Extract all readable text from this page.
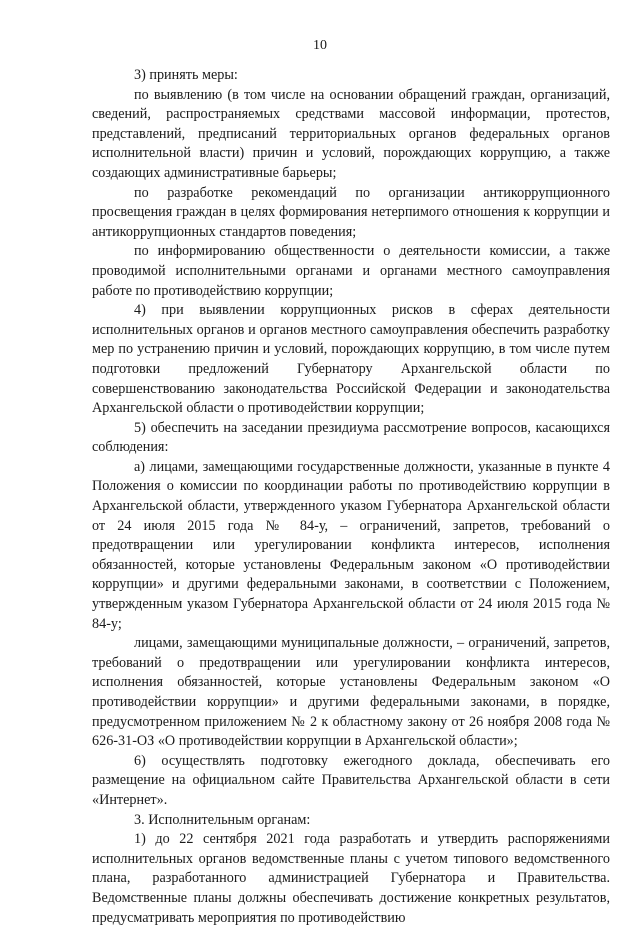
10

3) принять меры:

по выявлению (в том числе на основании обращений граждан, организаций, сведений, распространяемых средствами массовой информации, протестов, представлений, предписаний территориальных органов федеральных органов исполнительной власти) причин и условий, порождающих коррупцию, а также создающих административные барьеры;

по разработке рекомендаций по организации антикоррупционного просвещения граждан в целях формирования нетерпимого отношения к коррупции и антикоррупционных стандартов поведения;

по информированию общественности о деятельности комиссии, а также проводимой исполнительными органами и органами местного самоуправления работе по противодействию коррупции;

4) при выявлении коррупционных рисков в сферах деятельности исполнительных органов и органов местного самоуправления обеспечить разработку мер по устранению причин и условий, порождающих коррупцию, в том числе путем подготовки предложений Губернатору Архангельской области по совершенствованию законодательства Российской Федерации и законодательства Архангельской области о противодействии коррупции;

5) обеспечить на заседании президиума рассмотрение вопросов, касающихся соблюдения:

а) лицами, замещающими государственные должности, указанные в пункте 4 Положения о комиссии по координации работы по противодействию коррупции в Архангельской области, утвержденного указом Губернатора Архангельской области от 24 июля 2015 года № 84-у, – ограничений, запретов, требований о предотвращении или урегулировании конфликта интересов, исполнения обязанностей, которые установлены Федеральным законом «О противодействии коррупции» и другими федеральными законами, в соответствии с Положением, утвержденным указом Губернатора Архангельской области от 24 июля 2015 года № 84-у;

лицами, замещающими муниципальные должности, – ограничений, запретов, требований о предотвращении или урегулировании конфликта интересов, исполнения обязанностей, которые установлены Федеральным законом «О противодействии коррупции» и другими федеральными законами, в порядке, предусмотренном приложением № 2 к областному закону от 26 ноября 2008 года № 626-31-ОЗ «О противодействии коррупции в Архангельской области»;

6) осуществлять подготовку ежегодного доклада, обеспечивать его размещение на официальном сайте Правительства Архангельской области в сети «Интернет».

3. Исполнительным органам:

1) до 22 сентября 2021 года разработать и утвердить распоряжениями исполнительных органов ведомственные планы с учетом типового ведомственного плана, разработанного администрацией Губернатора и Правительства. Ведомственные планы должны обеспечивать достижение конкретных результатов, предусматривать мероприятия по противодействию
